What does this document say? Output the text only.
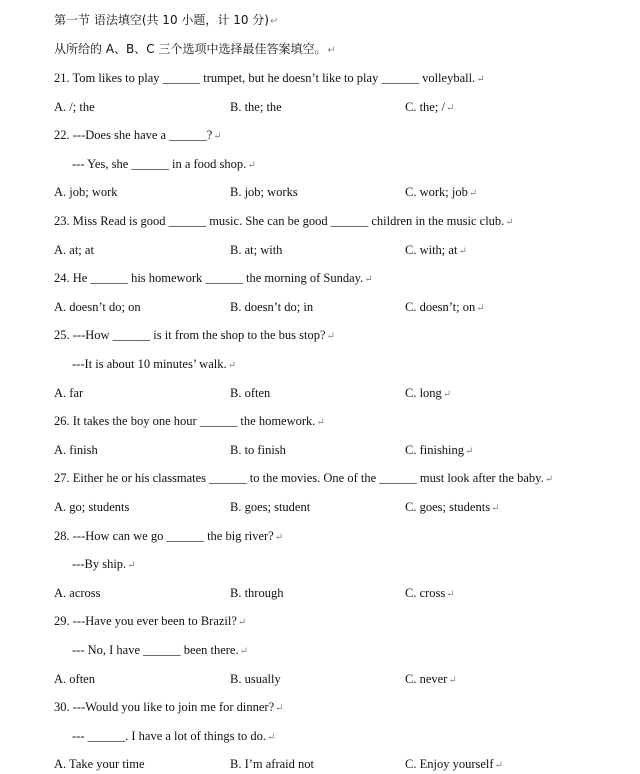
第一节 语法填空(共 10 小题，计 10 分)↵
从所给的 A、B、C 三个选项中选择最佳答案填空。↵
21. Tom likes to play ______ trumpet, but he doesn’t like to play ______ volleyball.↵
A. /; the	B. the; the	C. the; /↵
22. ---Does she have a ______?↵
--- Yes, she ______ in a food shop.↵
A. job; work	B. job; works	C. work; job↵
23. Miss Read is good ______ music. She can be good ______ children in the music club.↵
A. at; at	B. at; with	C. with; at↵
24. He ______ his homework ______ the morning of Sunday.↵
A. doesn’t do; on	B. doesn’t do; in	C. doesn’t; on↵
25. ---How ______ is it from the shop to the bus stop?↵
---It is about 10 minutes’ walk.↵
A. far	B. often	C. long↵
26. It takes the boy one hour ______ the homework.↵
A. finish	B. to finish	C. finishing↵
27. Either he or his classmates ______ to the movies. One of the ______ must look after the baby.↵
A. go; students	B. goes; student	C. goes; students↵
28. ---How can we go ______ the big river?↵
---By ship.↵
A. across	B. through	C. cross↵
29. ---Have you ever been to Brazil?↵
--- No, I have ______ been there.↵
A. often	B. usually	C. never↵
30. ---Would you like to join me for dinner?↵
--- ______. I have a lot of things to do.↵
A. Take your time	B. I’m afraid not	C. Enjoy yourself↵
